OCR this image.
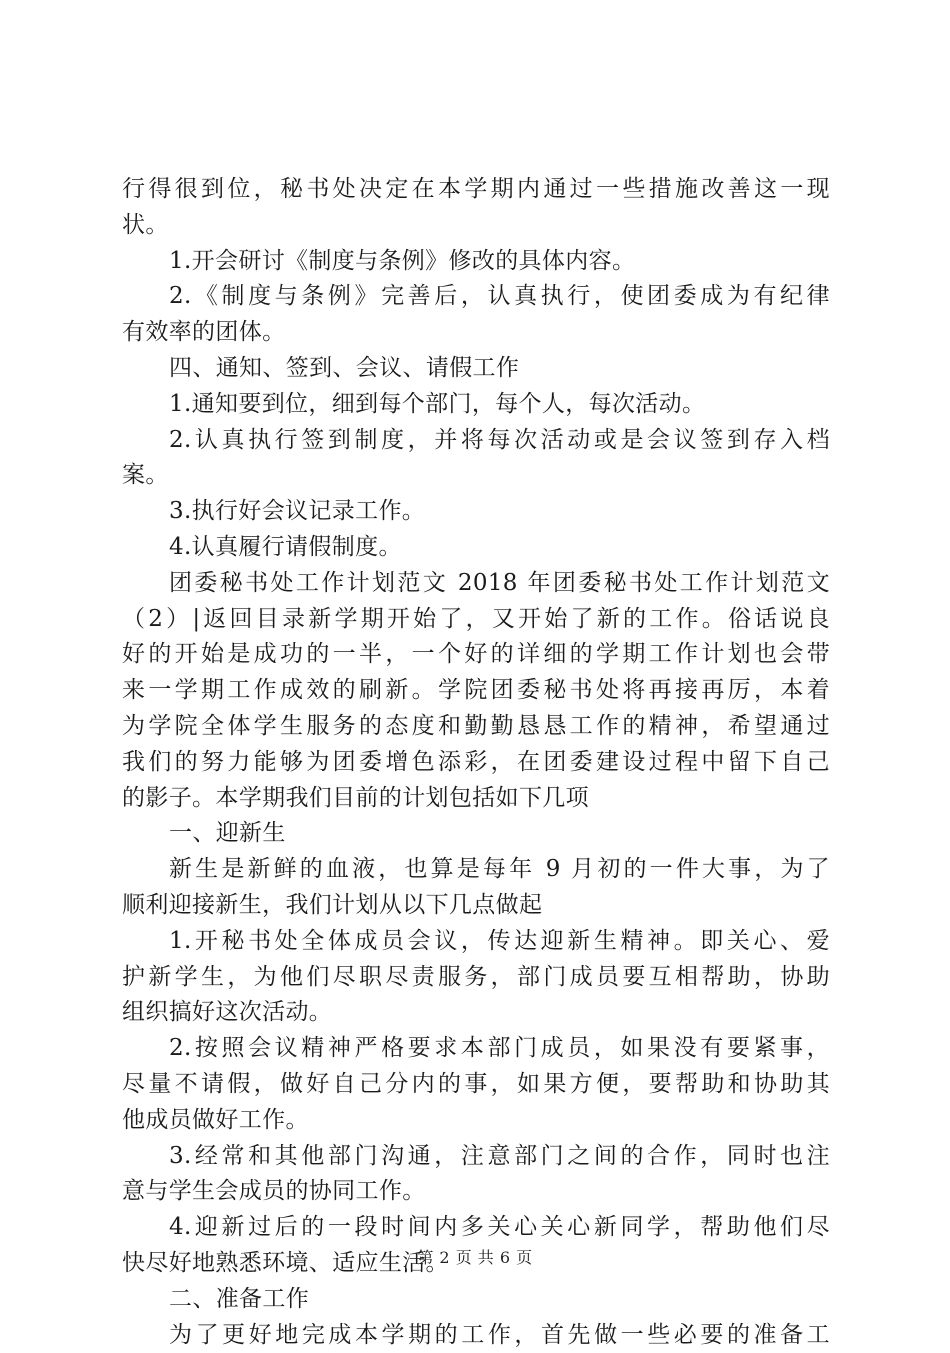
行得很到位，秘书处决定在本学期内通过一些措施改善这一现
状。
1.开会研讨《制度与条例》修改的具体内容。
2.《制度与条例》完善后，认真执行，使团委成为有纪律
有效率的团体。
四、通知、签到、会议、请假工作
1.通知要到位，细到每个部门，每个人，每次活动。
2.认真执行签到制度，并将每次活动或是会议签到存入档
案。
3.执行好会议记录工作。
4.认真履行请假制度。
团委秘书处工作计划范文 2018 年团委秘书处工作计划范文
（2）|返回目录新学期开始了，又开始了新的工作。俗话说良
好的开始是成功的一半，一个好的详细的学期工作计划也会带
来一学期工作成效的刷新。学院团委秘书处将再接再厉，本着
为学院全体学生服务的态度和勤勤恳恳工作的精神，希望通过
我们的努力能够为团委增色添彩，在团委建设过程中留下自己
的影子。本学期我们目前的计划包括如下几项
一、迎新生
新生是新鲜的血液，也算是每年 9 月初的一件大事，为了
顺利迎接新生，我们计划从以下几点做起
1.开秘书处全体成员会议，传达迎新生精神。即关心、爱
护新学生，为他们尽职尽责服务，部门成员要互相帮助，协助
组织搞好这次活动。
2.按照会议精神严格要求本部门成员，如果没有要紧事，
尽量不请假，做好自己分内的事，如果方便，要帮助和协助其
他成员做好工作。
3.经常和其他部门沟通，注意部门之间的合作，同时也注
意与学生会成员的协同工作。
4.迎新过后的一段时间内多关心关心新同学，帮助他们尽
快尽好地熟悉环境、适应生活。
二、准备工作
为了更好地完成本学期的工作，首先做一些必要的准备工
第 2 页 共 6 页
